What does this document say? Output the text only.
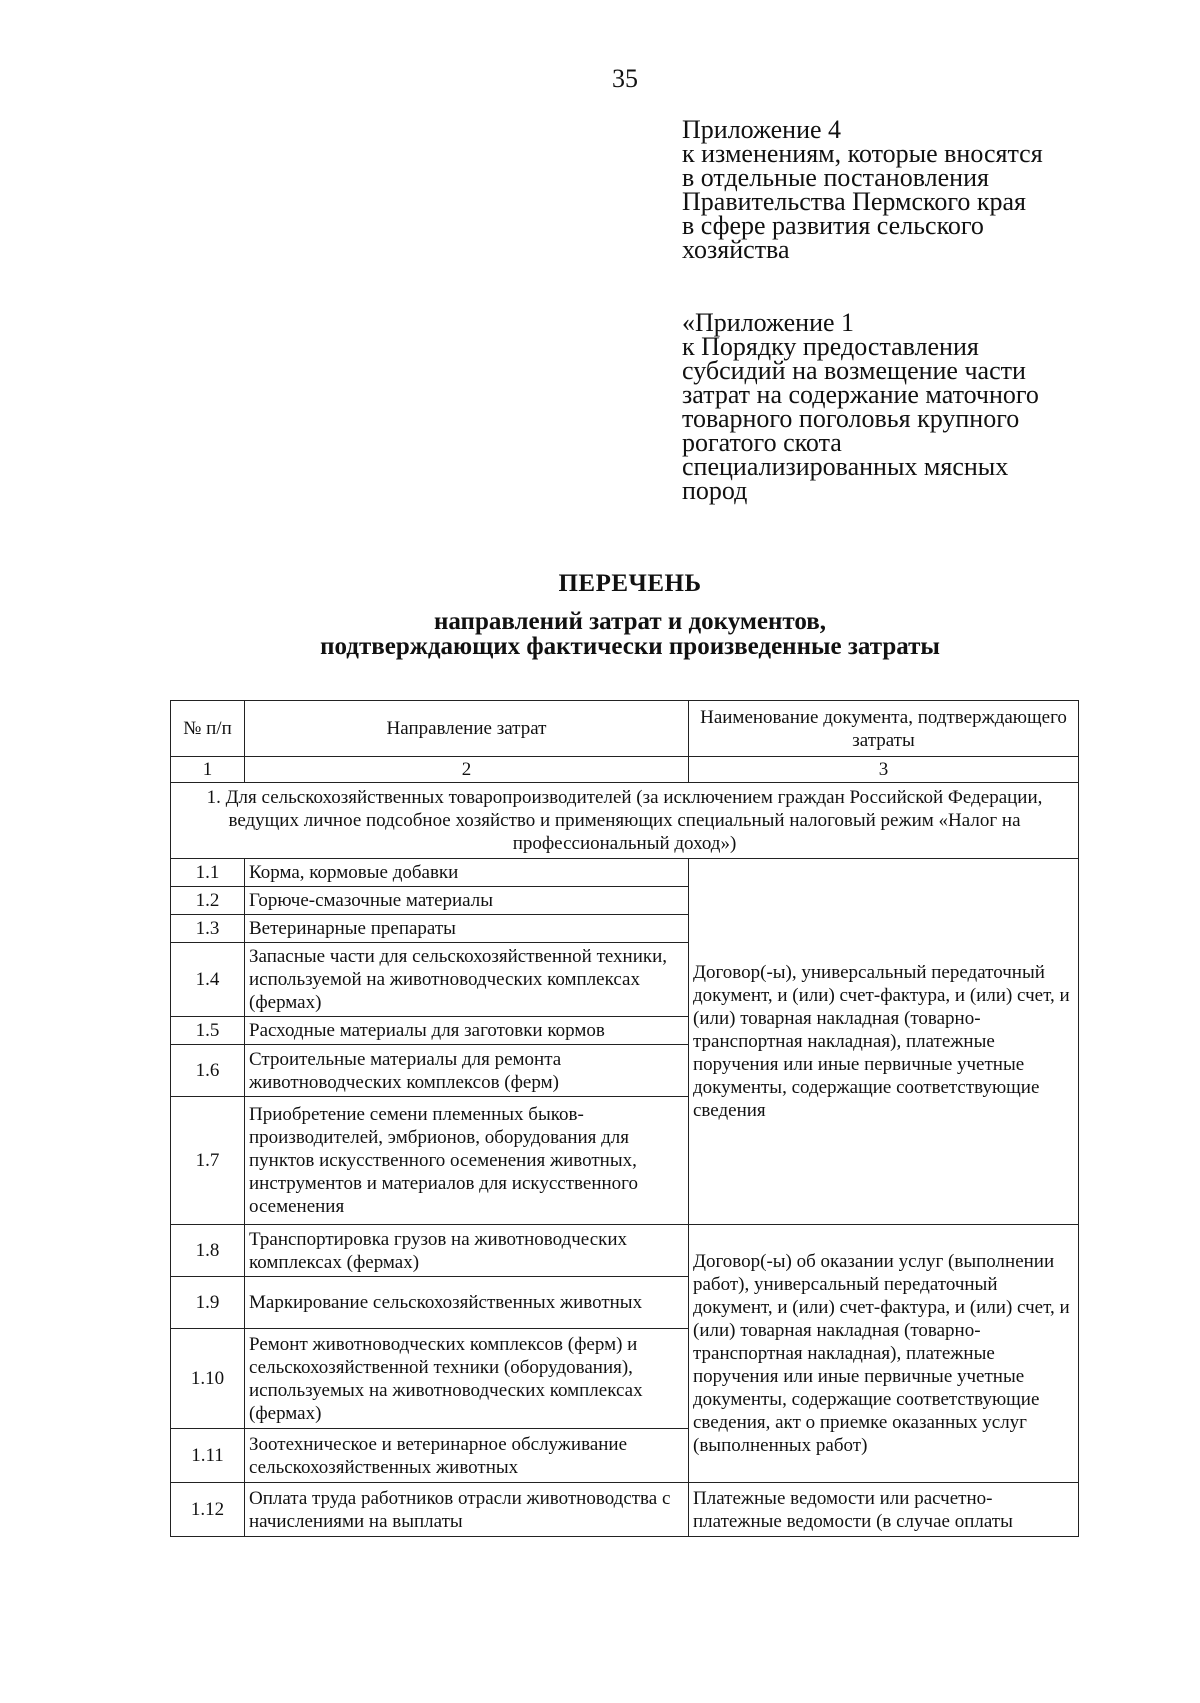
35
Приложение 4
к изменениям, которые вносятся
в отдельные постановления
Правительства Пермского края
в сфере развития сельского
хозяйства
«Приложение 1
к Порядку предоставления
субсидий на возмещение части
затрат на содержание маточного
товарного поголовья крупного
рогатого скота
специализированных мясных
пород
ПЕРЕЧЕНЬ
направлений затрат и документов,
подтверждающих фактически произведенные затраты
№ п/п	Направление затрат	Наименование документа, подтверждающего затраты
1	2	3
1. Для сельскохозяйственных товаропроизводителей (за исключением граждан Российской Федерации, ведущих личное подсобное хозяйство и применяющих специальный налоговый режим «Налог на профессиональный доход»)		
1.1	Корма, кормовые добавки	Договор(-ы), универсальный передаточный документ, и (или) счет-фактура, и (или) счет, и (или) товарная накладная (товарно-транспортная накладная), платежные поручения или иные первичные учетные документы, содержащие соответствующие сведения
1.2	Горюче-смазочные материалы	
1.3	Ветеринарные препараты	
1.4	Запасные части для сельскохозяйственной техники, используемой на животноводческих комплексах (фермах)	
1.5	Расходные материалы для заготовки кормов	
1.6	Строительные материалы для ремонта животноводческих комплексов (ферм)	
1.7	Приобретение семени племенных быков-производителей, эмбрионов, оборудования для пунктов искусственного осеменения животных, инструментов и материалов для искусственного осеменения	
1.8	Транспортировка грузов на животноводческих комплексах (фермах)	Договор(-ы) об оказании услуг (выполнении работ), универсальный передаточный документ, и (или) счет-фактура, и (или) счет, и (или) товарная накладная (товарно-транспортная накладная), платежные поручения или иные первичные учетные документы, содержащие соответствующие сведения, акт о приемке оказанных услуг (выполненных работ)
1.9	Маркирование сельскохозяйственных животных	
1.10	Ремонт животноводческих комплексов (ферм) и сельскохозяйственной техники (оборудования), используемых на животноводческих комплексах (фермах)	
1.11	Зоотехническое и ветеринарное обслуживание сельскохозяйственных животных	
1.12	Оплата труда работников отрасли животноводства с начислениями на выплаты	Платежные ведомости или расчетно-платежные ведомости (в случае оплаты
